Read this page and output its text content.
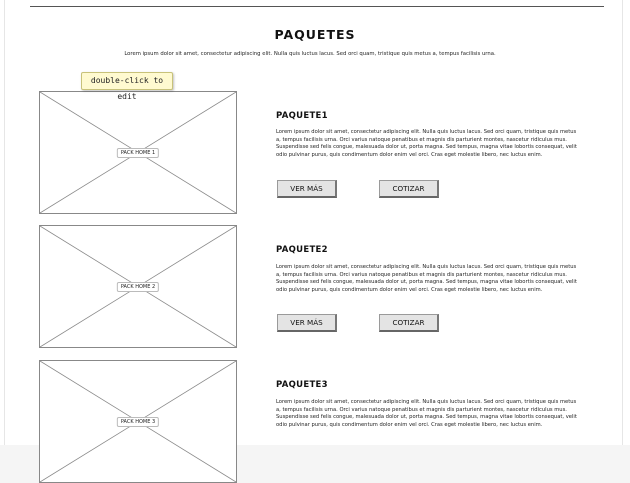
PAQUETES
Lorem ipsum dolor sit amet, consectetur adipiscing elit. Nulla quis luctus lacus. Sed orci quam, tristique quis metus a, tempus facilisis urna.
PACK HOME 1
PAQUETE1
Lorem ipsum dolor sit amet, consectetur adipiscing elit. Nulla quis luctus lacus. Sed orci quam, tristique quis metus a, tempus facilisis urna. Orci varius natoque penatibus et magnis dis parturient montes, nascetur ridiculus mus. Suspendisse sed felis congue, malesuada dolor ut, porta magna. Sed tempus, magna vitae lobortis consequat, velit odio pulvinar purus, quis condimentum dolor enim vel orci. Cras eget molestie libero, nec luctus enim.
VER MÁS	COTIZAR
PACK HOME 2
PAQUETE2
Lorem ipsum dolor sit amet, consectetur adipiscing elit. Nulla quis luctus lacus. Sed orci quam, tristique quis metus a, tempus facilisis urna. Orci varius natoque penatibus et magnis dis parturient montes, nascetur ridiculus mus. Suspendisse sed felis congue, malesuada dolor ut, porta magna. Sed tempus, magna vitae lobortis consequat, velit odio pulvinar purus, quis condimentum dolor enim vel orci. Cras eget molestie libero, nec luctus enim.
VER MÁS	COTIZAR
PACK HOME 3
PAQUETE3
Lorem ipsum dolor sit amet, consectetur adipiscing elit. Nulla quis luctus lacus. Sed orci quam, tristique quis metus a, tempus facilisis urna. Orci varius natoque penatibus et magnis dis parturient montes, nascetur ridiculus mus. Suspendisse sed felis congue, malesuada dolor ut, porta magna. Sed tempus, magna vitae lobortis consequat, velit odio pulvinar purus, quis condimentum dolor enim vel orci. Cras eget molestie libero, nec luctus enim.
double-click to edit
